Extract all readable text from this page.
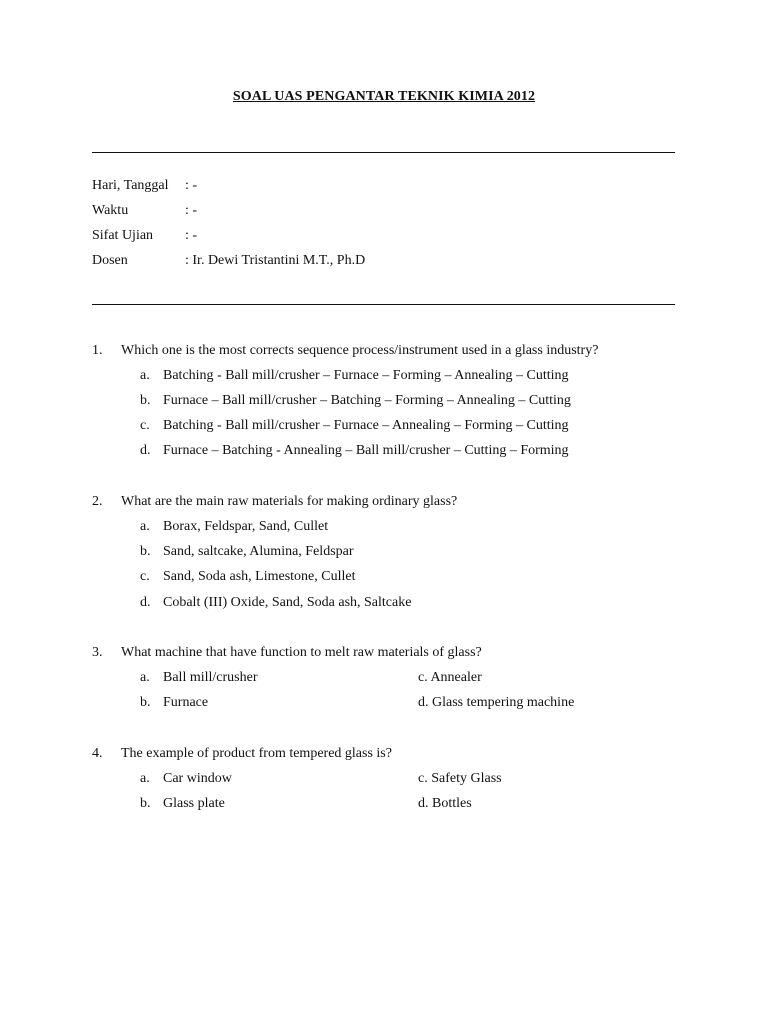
SOAL UAS PENGANTAR TEKNIK KIMIA 2012
Hari, Tanggal : -
Waktu	: -
Sifat Ujian : -
Dosen	: Ir. Dewi Tristantini M.T., Ph.D
1. Which one is the most corrects sequence process/instrument used in a glass industry?
a. Batching - Ball mill/crusher – Furnace – Forming – Annealing – Cutting
b. Furnace – Ball mill/crusher – Batching – Forming – Annealing – Cutting
c. Batching - Ball mill/crusher – Furnace – Annealing – Forming – Cutting
d. Furnace – Batching - Annealing – Ball mill/crusher – Cutting – Forming
2. What are the main raw materials for making ordinary glass?
a. Borax, Feldspar, Sand, Cullet
b. Sand, saltcake, Alumina, Feldspar
c. Sand, Soda ash, Limestone, Cullet
d. Cobalt (III) Oxide, Sand, Soda ash, Saltcake
3. What machine that have function to melt raw materials of glass?
a. Ball mill/crusher	c. Annealer
b. Furnace	d. Glass tempering machine
4. The example of product from tempered glass is?
a. Car window	c. Safety Glass
b. Glass plate	d. Bottles
